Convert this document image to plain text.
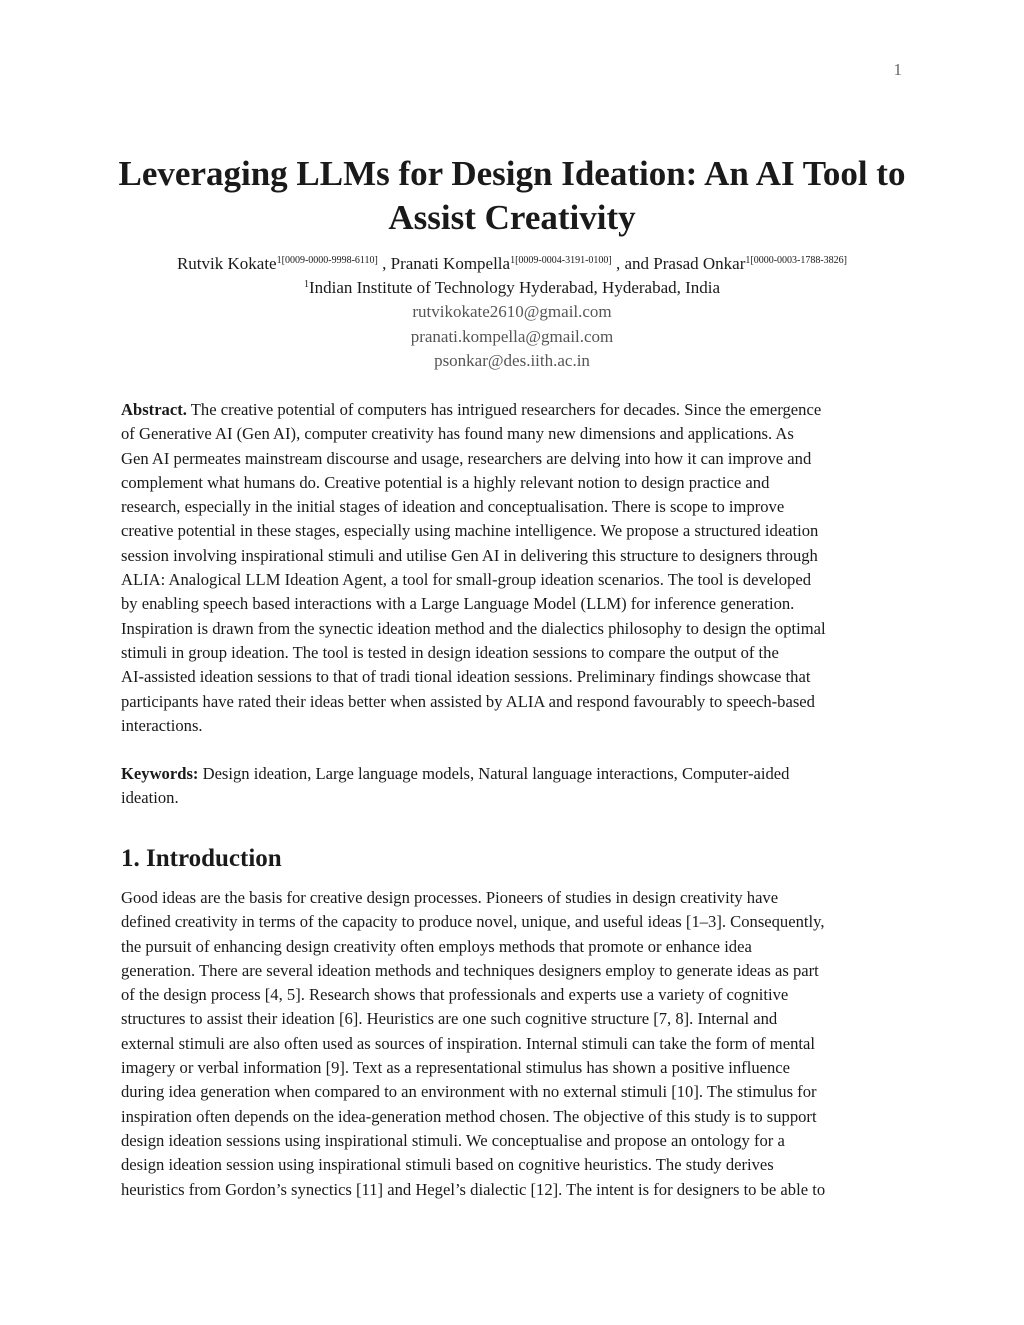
1
Leveraging LLMs for Design Ideation: An AI Tool to
Assist Creativity
Rutvik Kokate$^{1[0009-0000-9998-6110]}$ , Pranati Kompella$^{1[0009-0004-3191-0100]}$ , and Prasad Onkar$^{1[0000-0003-1788-3826]}$
$^1$Indian Institute of Technology Hyderabad, Hyderabad, India
rutvikokate2610@gmail.com
pranati.kompella@gmail.com
psonkar@des.iith.ac.in

Abstract. The creative potential of computers has intrigued researchers for decades. Since the emergence
of Generative AI (Gen AI), computer creativity has found many new dimensions and applications. As
Gen AI permeates mainstream discourse and usage, researchers are delving into how it can improve and
complement what humans do. Creative potential is a highly relevant notion to design practice and
research, especially in the initial stages of ideation and conceptualisation. There is scope to improve
creative potential in these stages, especially using machine intelligence. We propose a structured ideation
session involving inspirational stimuli and utilise Gen AI in delivering this structure to designers through
ALIA: Analogical LLM Ideation Agent, a tool for small-group ideation scenarios. The tool is developed
by enabling speech based interactions with a Large Language Model (LLM) for inference generation.
Inspiration is drawn from the synectic ideation method and the dialectics philosophy to design the optimal
stimuli in group ideation. The tool is tested in design ideation sessions to compare the output of the
AI-assisted ideation sessions to that of tradi tional ideation sessions. Preliminary findings showcase that
participants have rated their ideas better when assisted by ALIA and respond favourably to speech-based
interactions.

Keywords: Design ideation, Large language models, Natural language interactions, Computer-aided
ideation.

1. Introduction

Good ideas are the basis for creative design processes. Pioneers of studies in design creativity have
defined creativity in terms of the capacity to produce novel, unique, and useful ideas [1–3]. Consequently,
the pursuit of enhancing design creativity often employs methods that promote or enhance idea
generation. There are several ideation methods and techniques designers employ to generate ideas as part
of the design process [4, 5]. Research shows that professionals and experts use a variety of cognitive
structures to assist their ideation [6]. Heuristics are one such cognitive structure [7, 8]. Internal and
external stimuli are also often used as sources of inspiration. Internal stimuli can take the form of mental
imagery or verbal information [9]. Text as a representational stimulus has shown a positive influence
during idea generation when compared to an environment with no external stimuli [10]. The stimulus for
inspiration often depends on the idea-generation method chosen. The objective of this study is to support
design ideation sessions using inspirational stimuli. We conceptualise and propose an ontology for a
design ideation session using inspirational stimuli based on cognitive heuristics. The study derives
heuristics from Gordon’s synectics [11] and Hegel’s dialectic [12]. The intent is for designers to be able to
